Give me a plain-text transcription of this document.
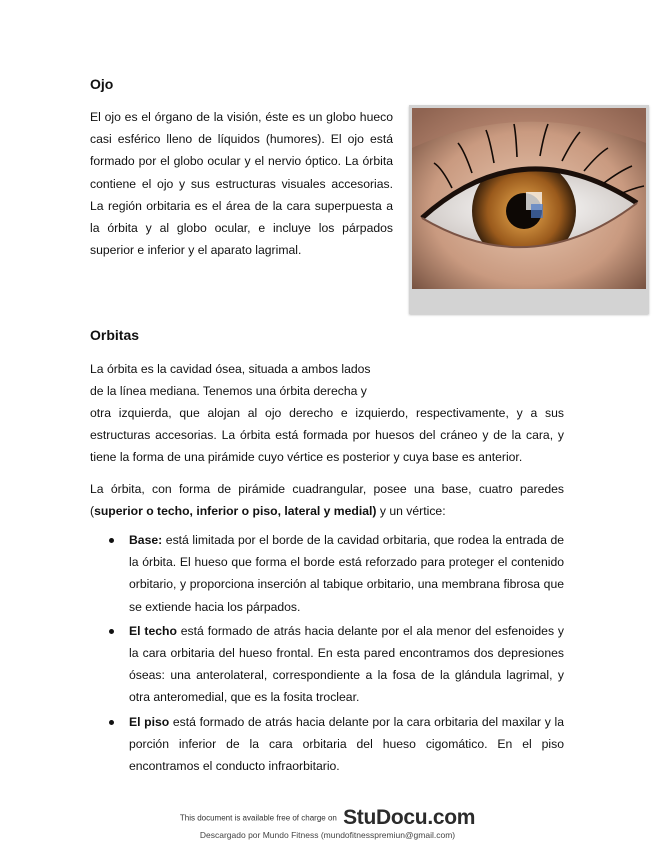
Ojo

El ojo es el órgano de la visión, éste es un globo hueco casi esférico lleno de líquidos (humores). El ojo está formado por el globo ocular y el nervio óptico. La órbita contiene el ojo y sus estructuras visuales accesorias. La región orbitaria es el área de la cara superpuesta a la órbita y al globo ocular, e incluye los párpados superior e inferior y el aparato lagrimal.

Orbitas

La órbita es la cavidad ósea, situada a ambos lados

de la línea mediana. Tenemos una órbita derecha y

otra izquierda, que alojan al ojo derecho e izquierdo, respectivamente, y a sus estructuras accesorias. La órbita está formada por huesos del cráneo y de la cara, y tiene la forma de una pirámide cuyo vértice es posterior y cuya base es anterior.

La órbita, con forma de pirámide cuadrangular, posee una base, cuatro paredes (superior o techo, inferior o piso, lateral y medial) y un vértice:

Base: está limitada por el borde de la cavidad orbitaria, que rodea la entrada de la órbita. El hueso que forma el borde está reforzado para proteger el contenido orbitario, y proporciona inserción al tabique orbitario, una membrana fibrosa que se extiende hacia los párpados.
El techo está formado de atrás hacia delante por el ala menor del esfenoides y la cara orbitaria del hueso frontal. En esta pared encontramos dos depresiones óseas: una anterolateral, correspondiente a la fosa de la glándula lagrimal, y otra anteromedial, que es la fosita troclear.
El piso está formado de atrás hacia delante por la cara orbitaria del maxilar y la porción inferior de la cara orbitaria del hueso cigomático. En el piso encontramos el conducto infraorbitario.
This document is available free of charge on StuDocu.com
Descargado por Mundo Fitness (mundofitnesspremiun@gmail.com)
